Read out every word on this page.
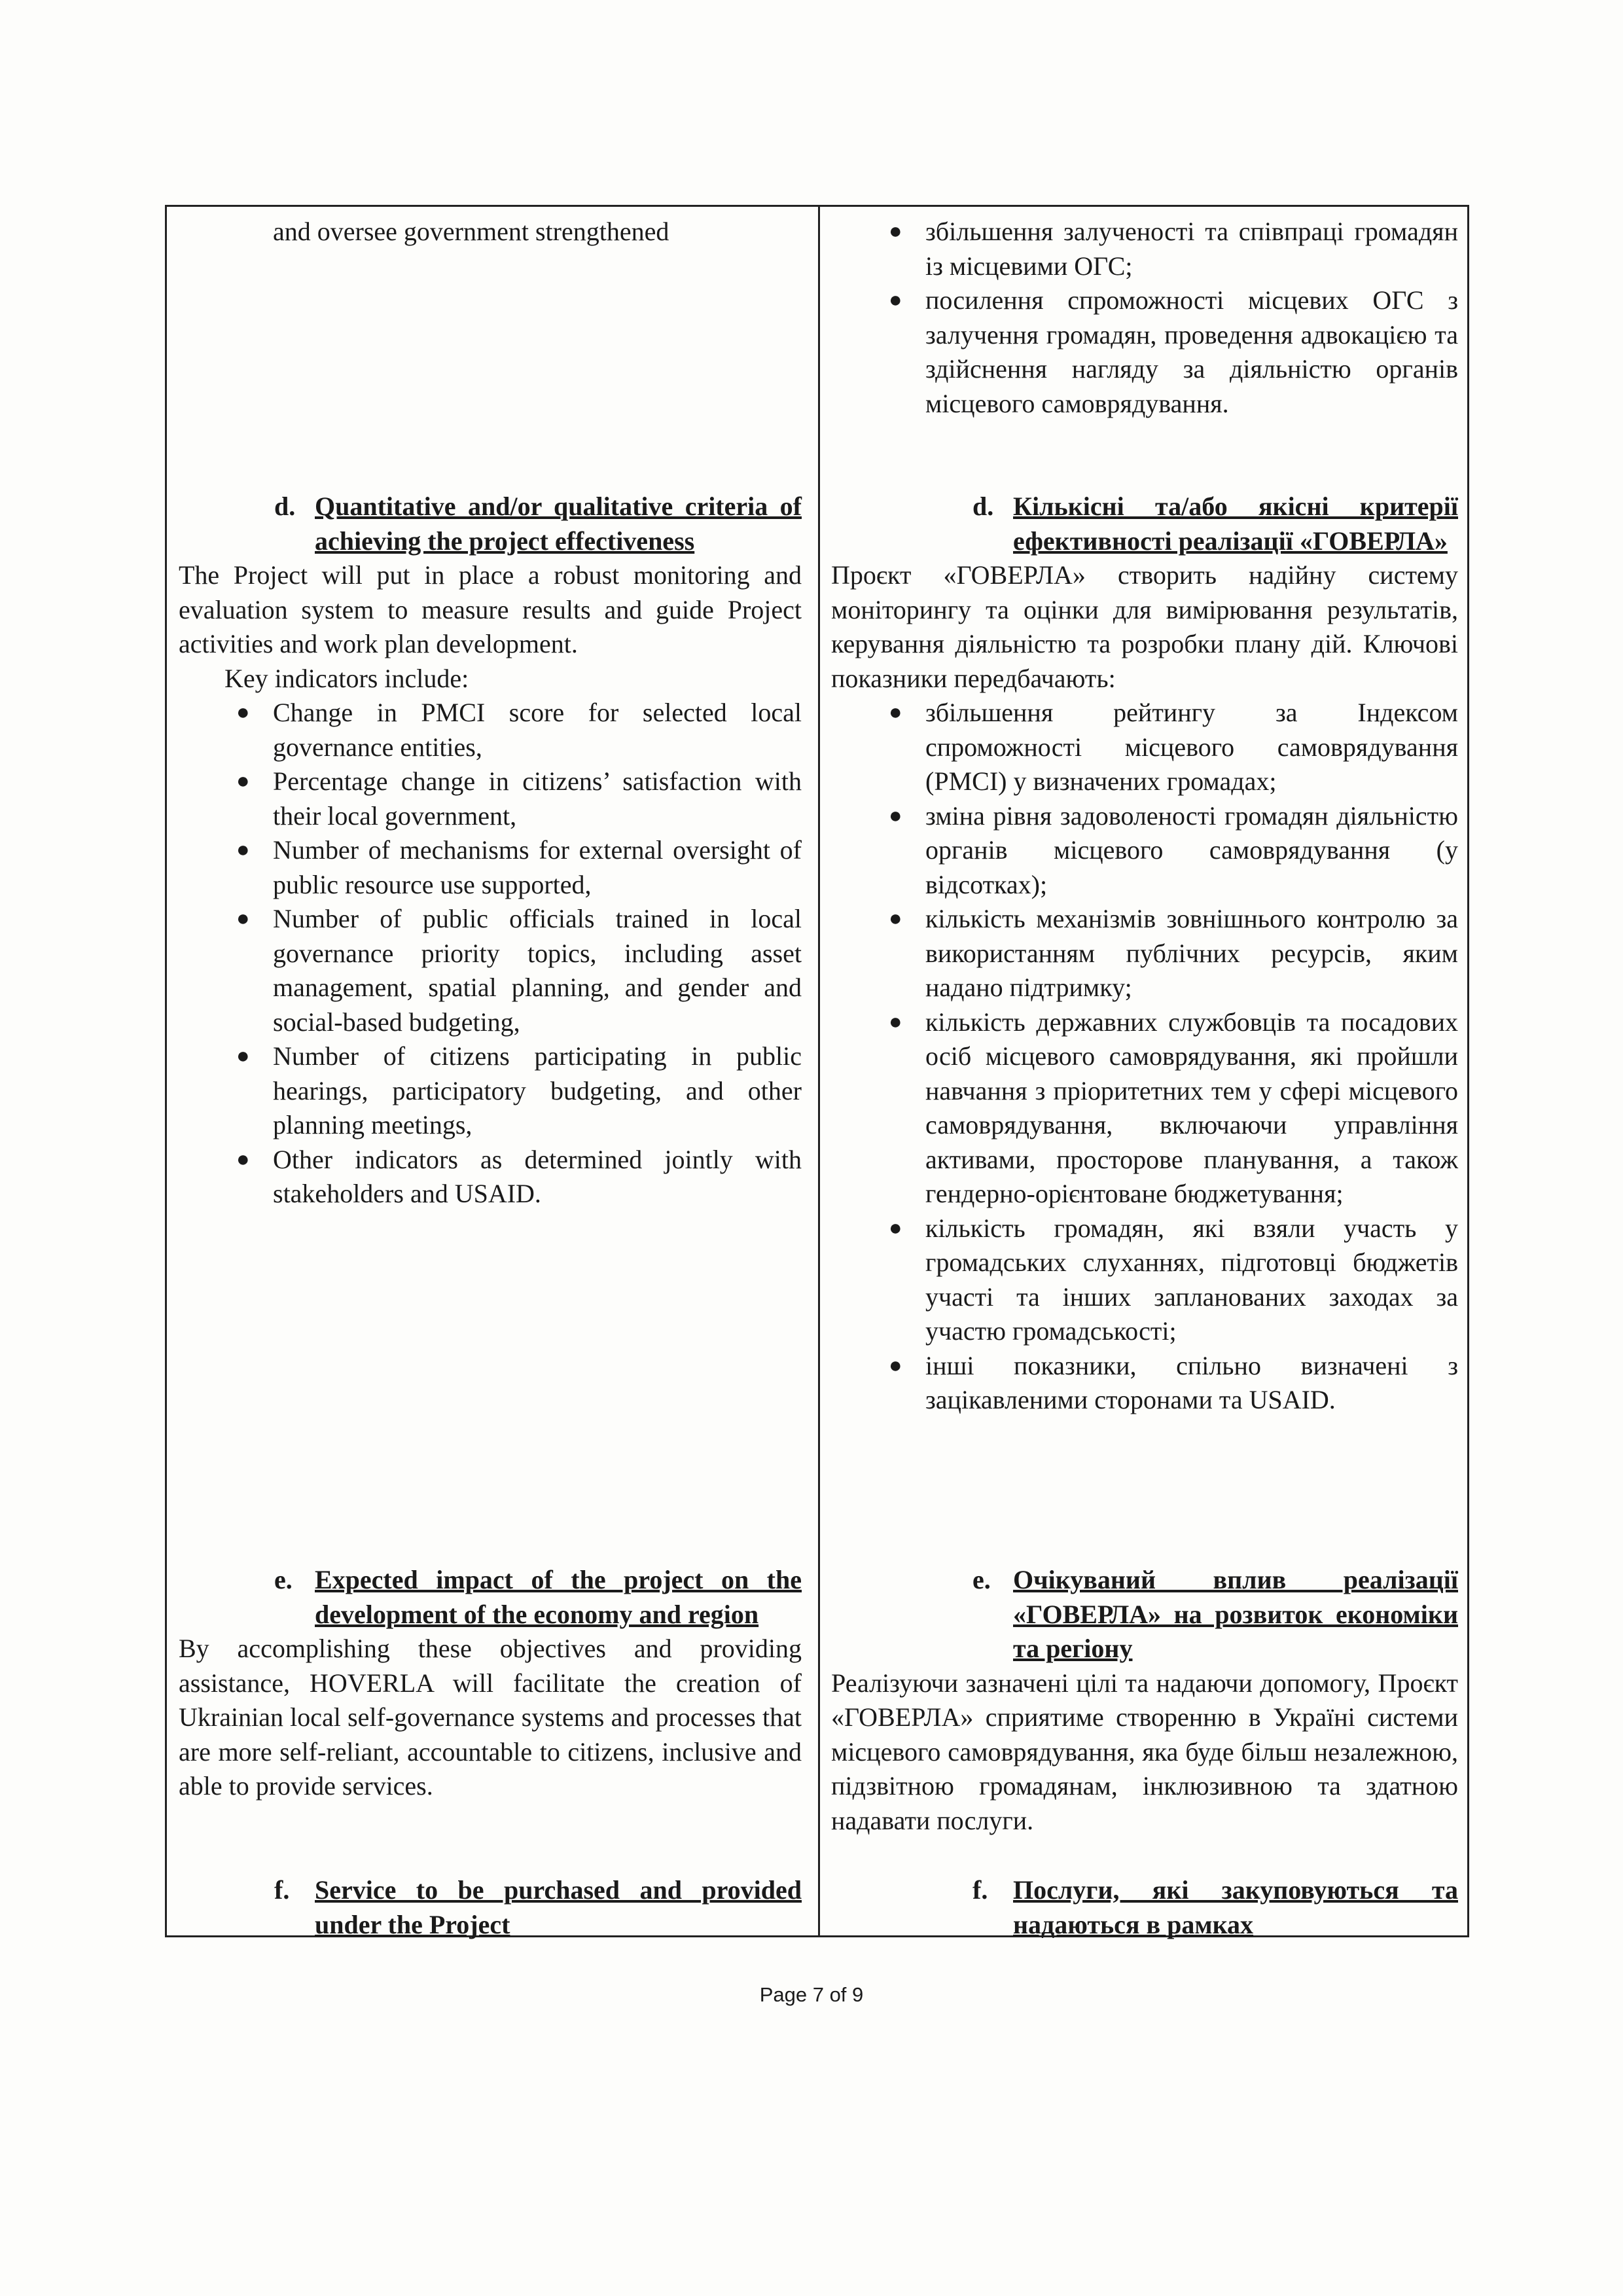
and oversee government strengthened

d. Quantitative and/or qualitative criteria of achieving the project effectiveness

The Project will put in place a robust monitoring and evaluation system to measure results and guide Project activities and work plan development.

Key indicators include:

● Change in PMCI score for selected local governance entities,
● Percentage change in citizens’ satisfaction with their local government,
● Number of mechanisms for external oversight of public resource use supported,
● Number of public officials trained in local governance priority topics, including asset management, spatial planning, and gender and social-based budgeting,
● Number of citizens participating in public hearings, participatory budgeting, and other planning meetings,
● Other indicators as determined jointly with stakeholders and USAID.
e. Expected impact of the project on the development of the economy and region

By accomplishing these objectives and providing assistance, HOVERLA will facilitate the creation of Ukrainian local self-governance systems and processes that are more self-reliant, accountable to citizens, inclusive and able to provide services.

f. Service to be purchased and provided under the Project
● збільшення залученості та співпраці громадян із місцевими ОГС;
● посилення спроможності місцевих ОГС з залучення громадян, проведення адвокацією та здійснення нагляду за діяльністю органів місцевого самоврядування.
d. Кількісні та/або якісні критерії ефективності реалізації «ГОВЕРЛА»

Проєкт «ГОВЕРЛА» створить надійну систему моніторингу та оцінки для вимірювання результатів, керування діяльністю та розробки плану дій. Ключові показники передбачають:

● збільшення рейтингу за Індексом спроможності місцевого самоврядування (PMCI) у визначених громадах;
● зміна рівня задоволеності громадян діяльністю органів місцевого самоврядування (у відсотках);
● кількість механізмів зовнішнього контролю за використанням публічних ресурсів, яким надано підтримку;
● кількість державних службовців та посадових осіб місцевого самоврядування, які пройшли навчання з пріоритетних тем у сфері місцевого самоврядування, включаючи управління активами, просторове планування, а також гендерно-орієнтоване бюджетування;
● кількість громадян, які взяли участь у громадських слуханнях, підготовці бюджетів участі та інших запланованих заходах за участю громадськості;
● інші показники, спільно визначені з зацікавленими сторонами та USAID.
e. Очікуваний вплив реалізації «ГОВЕРЛА» на розвиток економіки та регіону

Реалізуючи зазначені цілі та надаючи допомогу, Проєкт «ГОВЕРЛА» сприятиме створенню в Україні системи місцевого самоврядування, яка буде більш незалежною, підзвітною громадянам, інклюзивною та здатною надавати послуги.

f. Послуги, які закуповуються та надаються в рамках
Page 7 of 9
